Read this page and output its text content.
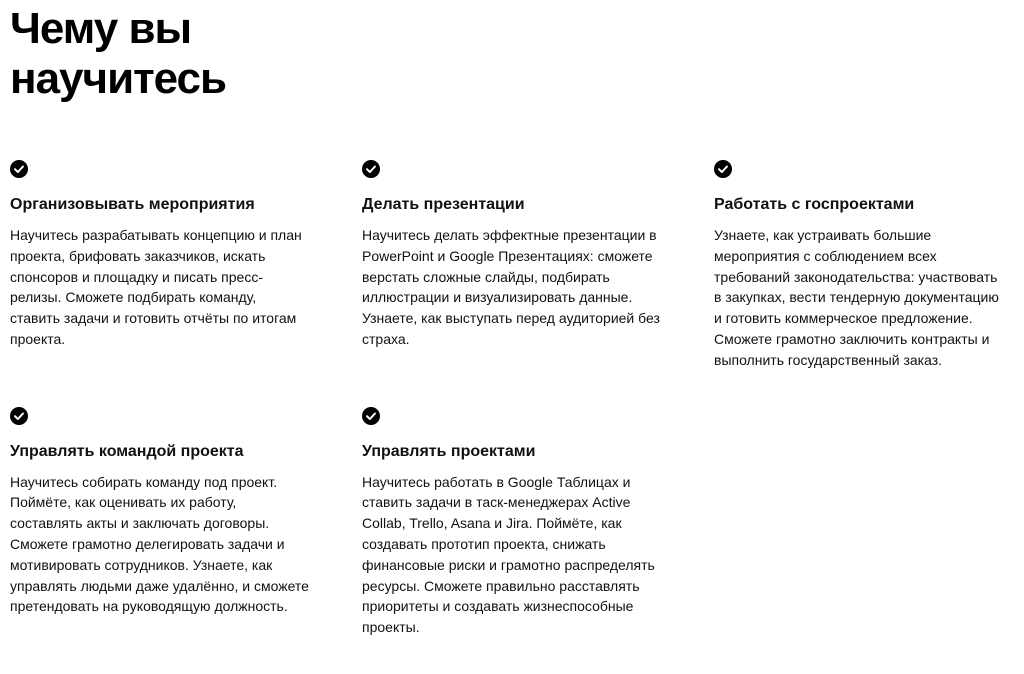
Чему вы
научитесь
Организовывать мероприятия

Научитесь разрабатывать концепцию и план проекта, брифовать заказчиков, искать спонсоров и площадку и писать пресс-релизы. Сможете подбирать команду, ставить задачи и готовить отчёты по итогам проекта.

Делать презентации

Научитесь делать эффектные презентации в PowerPoint и Google Презентациях: сможете верстать сложные слайды, подбирать иллюстрации и визуализировать данные. Узнаете, как выступать перед аудиторией без страха.

Работать с госпроектами

Узнаете, как устраивать большие мероприятия с соблюдением всех требований законодательства: участвовать в закупках, вести тендерную документацию и готовить коммерческое предложение. Сможете грамотно заключить контракты и выполнить государственный заказ.

Управлять командой проекта

Научитесь собирать команду под проект. Поймёте, как оценивать их работу, составлять акты и заключать договоры. Сможете грамотно делегировать задачи и мотивировать сотрудников. Узнаете, как управлять людьми даже удалённо, и сможете претендовать на руководящую должность.

Управлять проектами

Научитесь работать в Google Таблицах и ставить задачи в таск-менеджерах Active Collab, Trello, Asana и Jira. Поймёте, как создавать прототип проекта, снижать финансовые риски и грамотно распределять ресурсы. Сможете правильно расставлять приоритеты и создавать жизнеспособные проекты.
